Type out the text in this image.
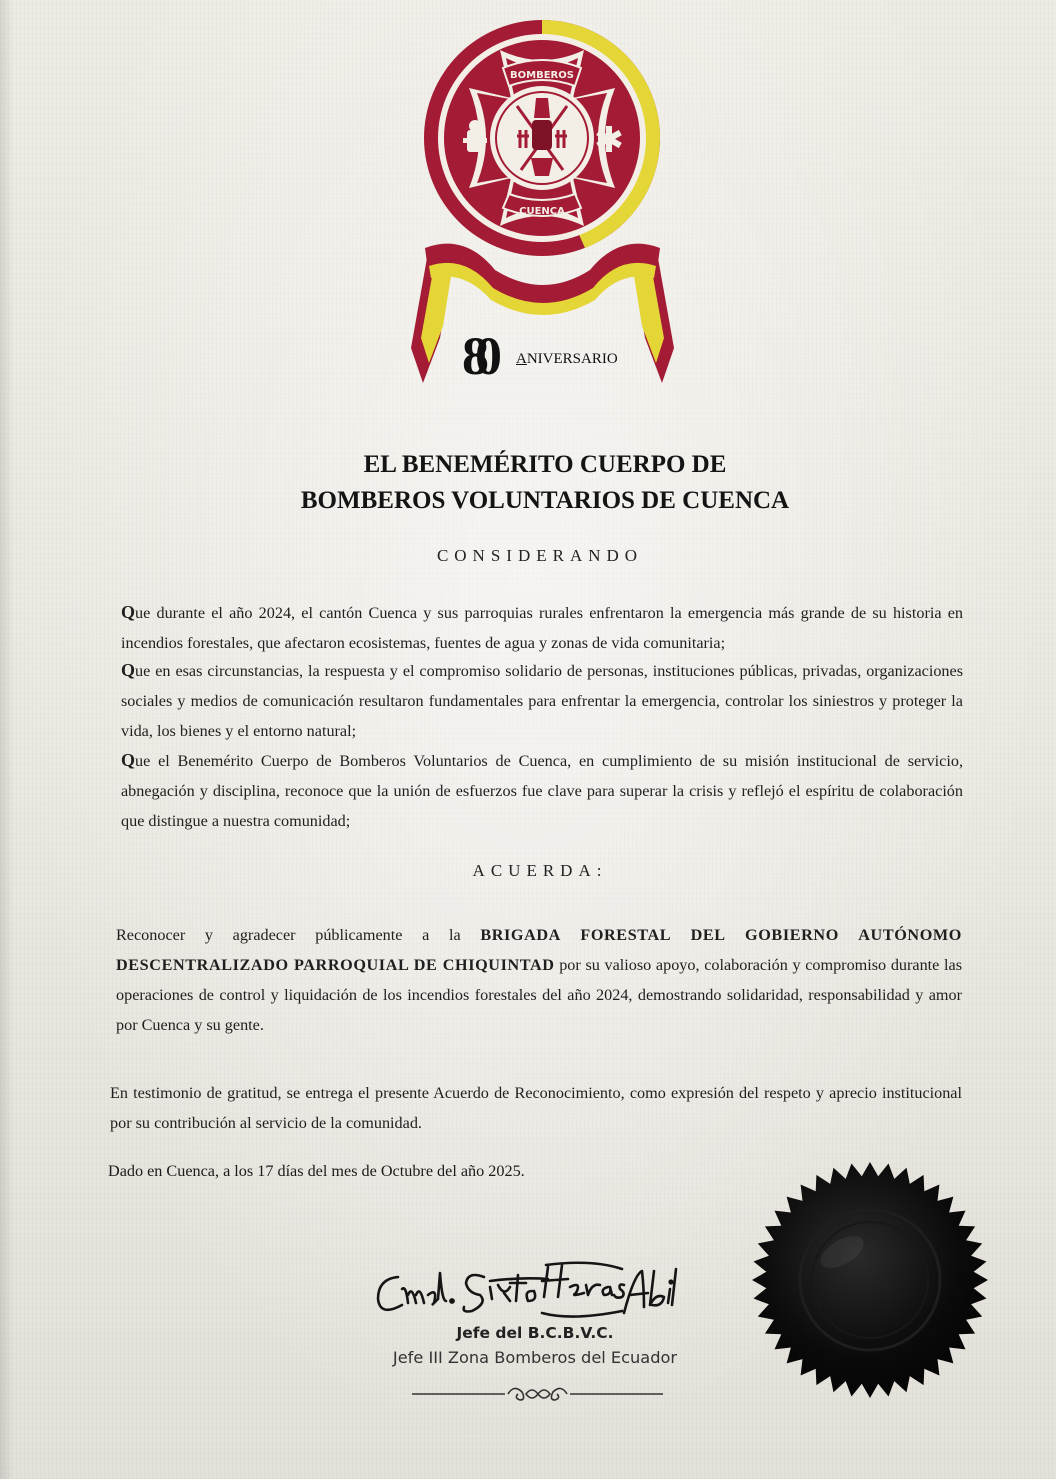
BOMBEROS
CUENCA
80 ANIVERSARIO
EL BENEMÉRITO CUERPO DE
BOMBEROS VOLUNTARIOS DE CUENCA
CONSIDERANDO
Que durante el año 2024, el cantón Cuenca y sus parroquias rurales enfrentaron la emergencia más grande de su historia en incendios forestales, que afectaron ecosistemas, fuentes de agua y zonas de vida comunitaria;
Que en esas circunstancias, la respuesta y el compromiso solidario de personas, instituciones públicas, privadas, organizaciones sociales y medios de comunicación resultaron fundamentales para enfrentar la emergencia, controlar los siniestros y proteger la vida, los bienes y el entorno natural;
Que el Benemérito Cuerpo de Bomberos Voluntarios de Cuenca, en cumplimiento de su misión institucional de servicio, abnegación y disciplina, reconoce que la unión de esfuerzos fue clave para superar la crisis y reflejó el espíritu de colaboración que distingue a nuestra comunidad;
ACUERDA:
Reconocer y agradecer públicamente a la BRIGADA FORESTAL DEL GOBIERNO AUTÓNOMO DESCENTRALIZADO PARROQUIAL DE CHIQUINTAD por su valioso apoyo, colaboración y compromiso durante las operaciones de control y liquidación de los incendios forestales del año 2024, demostrando solidaridad, responsabilidad y amor por Cuenca y su gente.
En testimonio de gratitud, se entrega el presente Acuerdo de Reconocimiento, como expresión del respeto y aprecio institucional por su contribución al servicio de la comunidad.
Dado en Cuenca, a los 17 días del mes de Octubre del año 2025.
Jefe del B.C.B.V.C.
Jefe III Zona Bomberos del Ecuador
